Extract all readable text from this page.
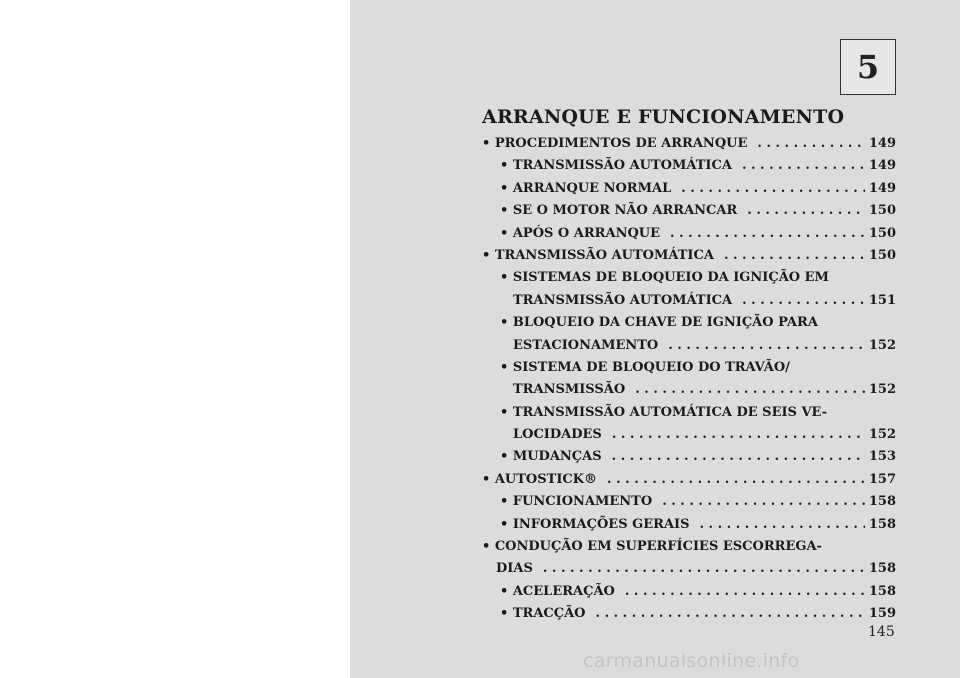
5
ARRANQUE E FUNCIONAMENTO
• PROCEDIMENTOS DE ARRANQUE . . .	149
• TRANSMISSÃO AUTOMÁTICA . . .	149
• ARRANQUE NORMAL . . .	149
• SE O MOTOR NÃO ARRANCAR . . .	150
• APÓS O ARRANQUE . . .	150
• TRANSMISSÃO AUTOMÁTICA . . .	150
• SISTEMAS DE BLOQUEIO DA IGNIÇÃO EM
TRANSMISSÃO AUTOMÁTICA . . .	151
• BLOQUEIO DA CHAVE DE IGNIÇÃO PARA
ESTACIONAMENTO . . .	152
• SISTEMA DE BLOQUEIO DO TRAVÃO/
TRANSMISSÃO . . .	152
• TRANSMISSÃO AUTOMÁTICA DE SEIS VE-
LOCIDADES . . .	152
• MUDANÇAS . . .	153
• AUTOSTICK® . . .	157
• FUNCIONAMENTO . . .	158
• INFORMAÇÕES GERAIS . . .	158
• CONDUÇÃO EM SUPERFÍCIES ESCORREGA-
DIAS . . .	158
• ACELERAÇÃO . . .	158
• TRACÇÃO . . .	159
145
carmanualsonline.info
